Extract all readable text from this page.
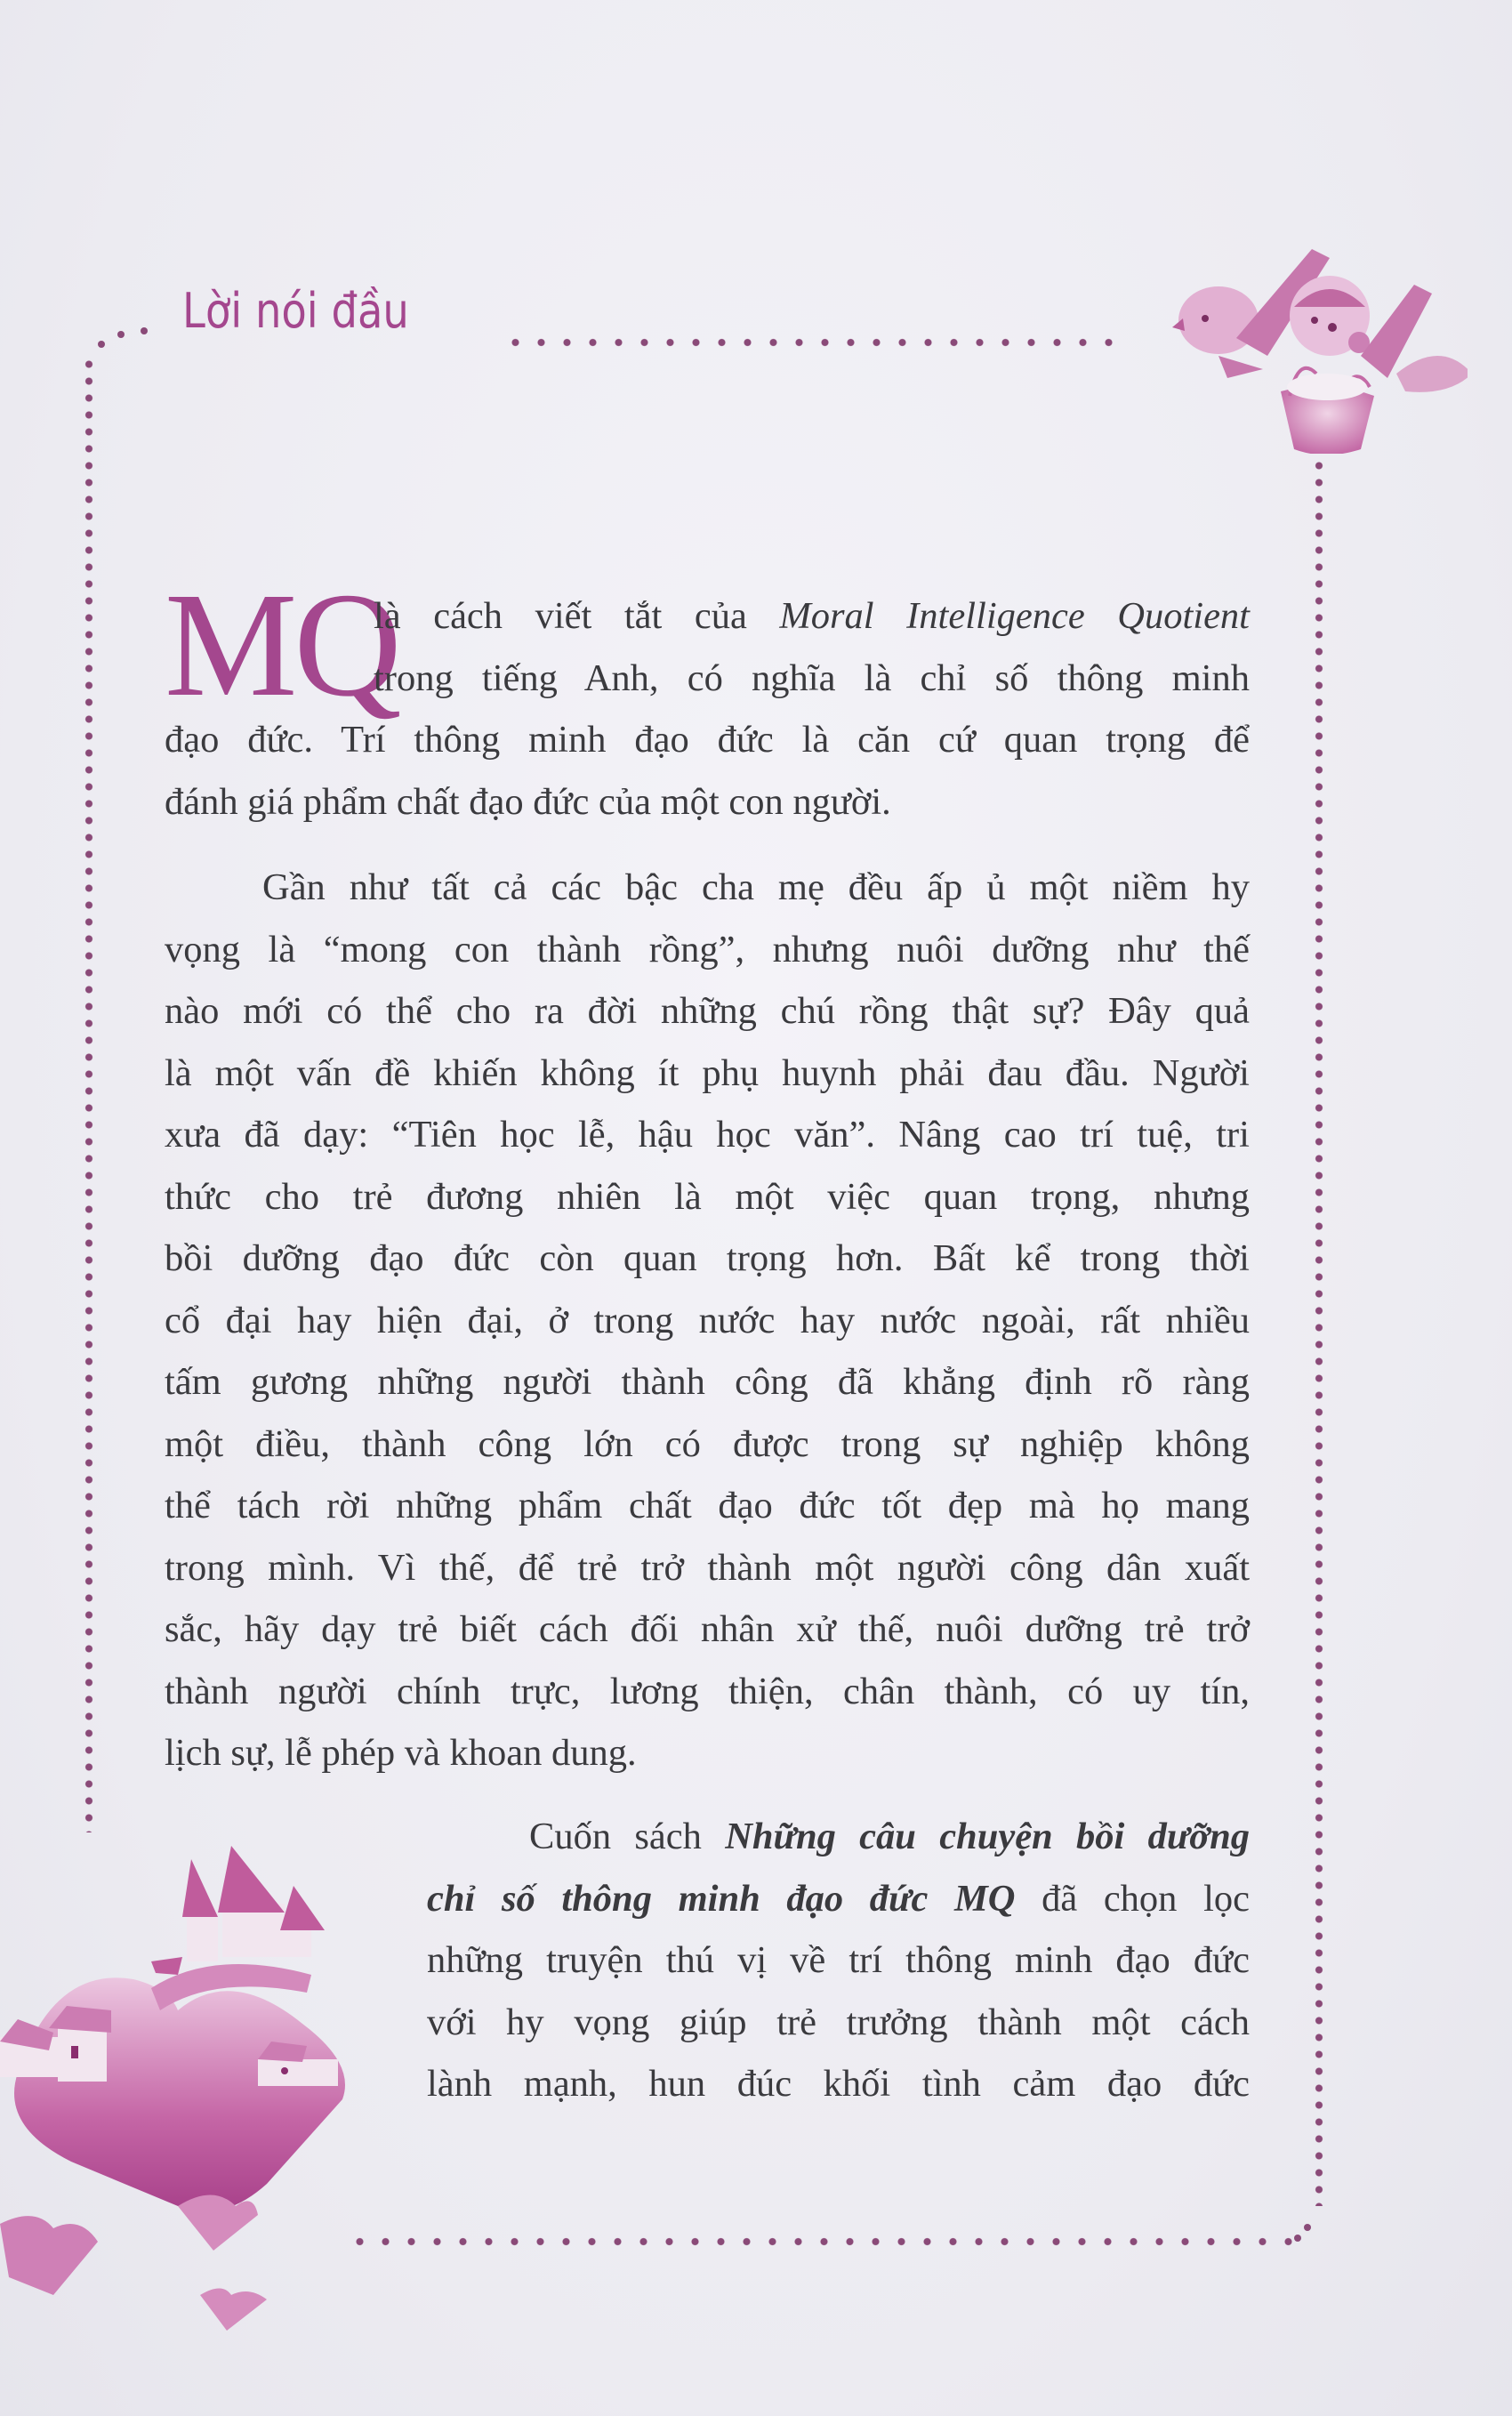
Lời nói đầu
MQ
là cách viết tắt của Moral Intelligence Quotient
trong tiếng Anh, có nghĩa là chỉ số thông minh
đạo đức. Trí thông minh đạo đức là căn cứ quan trọng để
đánh giá phẩm chất đạo đức của một con người.
Gần như tất cả các bậc cha mẹ đều ấp ủ một niềm hy
vọng là “mong con thành rồng”, nhưng nuôi dưỡng như thế
nào mới có thể cho ra đời những chú rồng thật sự? Đây quả
là một vấn đề khiến không ít phụ huynh phải đau đầu. Người
xưa đã dạy: “Tiên học lễ, hậu học văn”. Nâng cao trí tuệ, tri
thức cho trẻ đương nhiên là một việc quan trọng, nhưng
bồi dưỡng đạo đức còn quan trọng hơn. Bất kể trong thời
cổ đại hay hiện đại, ở trong nước hay nước ngoài, rất nhiều
tấm gương những người thành công đã khẳng định rõ ràng
một điều, thành công lớn có được trong sự nghiệp không
thể tách rời những phẩm chất đạo đức tốt đẹp mà họ mang
trong mình. Vì thế, để trẻ trở thành một người công dân xuất
sắc, hãy dạy trẻ biết cách đối nhân xử thế, nuôi dưỡng trẻ trở
thành người chính trực, lương thiện, chân thành, có uy tín,
lịch sự, lễ phép và khoan dung.
Cuốn sách Những câu chuyện bồi dưỡng
chỉ số thông minh đạo đức MQ đã chọn lọc
những truyện thú vị về trí thông minh đạo đức
với hy vọng giúp trẻ trưởng thành một cách
lành mạnh, hun đúc khối tình cảm đạo đức
